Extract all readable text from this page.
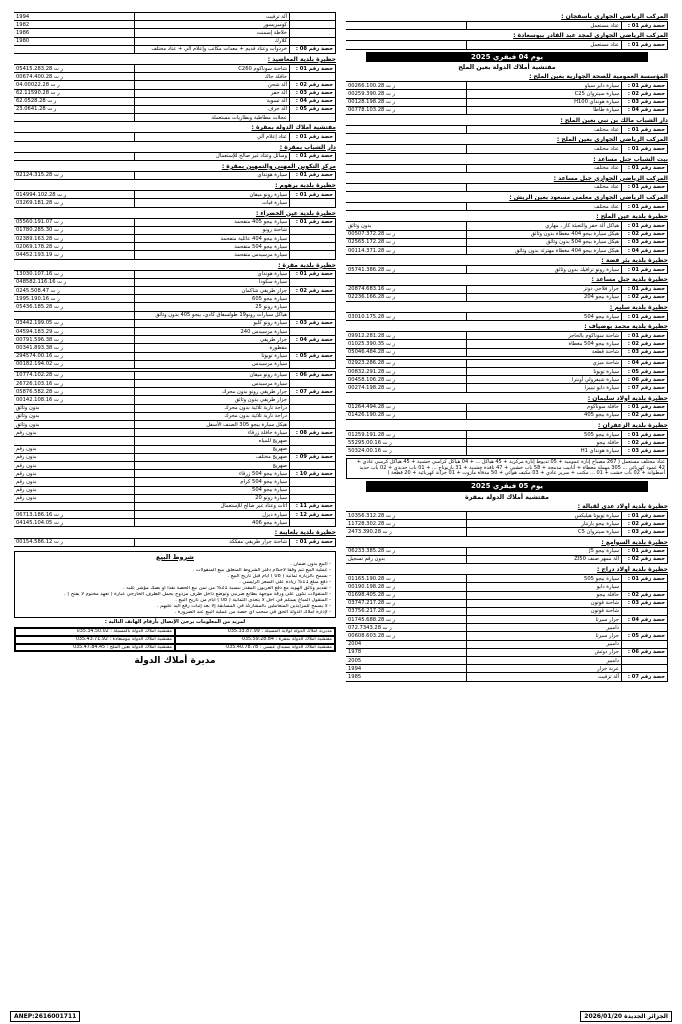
المركب الرياضي الجواري بأسفجان :
حصة رقم 01 :	عتاد مستعمل	
المركب الرياضي الجواري لمجد عبد القادر بيوسعادة :
حصة رقم 01 :	عتاد مستعمل	
يوم 04 فيفري 2025
مفتشية أملاك الدولة بعين الملح
المؤسسة العمومية للصحة الجوارية بعين الملح :
حصة رقم 01 :	سيارة داير سياو	ر ت 00266.100.28
حصة رقم 02 :	سيارة سيتروان C25	ر ت 00259.390.28
حصة رقم 03 :	سيارة هونداي H100	ر ت 00128.198.28
حصة رقم 04 :	سيارة طاطا	ر ت 00778.103.28
دار الشباب مالك بن نبي بعين الملح :
حصة رقم 01 :	عتاد مختلف	
المركب الرياضي الجواري بعين الملح :
حصة رقم 01 :	عتاد مختلف	
بيت الشباب جبل مساعد :
حصة رقم 01 :	عتاد مختلف	
المركب الرياضي الجواري جبل مساعد :
حصة رقم 01 :	عتاد مختلف	
المركب الرياضي الجواري معلمي مسعود بعين الريش :
حصة رقم 01 :	عتاد مختلف	
حظيرة بلدية عين الملح :
حصة رقم 01 :	هياكل آلة حفر والتعبئة كاز ، مهاري	بدون وثائق
حصة رقم 02 :	هيكل سيارة بيجو 404 مغطاة بدون وثائق	ر ت 00507.372.28
حصة رقم 03 :	هيكل سيارة بيجو 504 بدون وثائق	ر ت 02565.172.28
حصة رقم 04 :	هيكل سيارة بيجو 404 مغطاة مهترئة بدون وثائق	ر ت 00114.371.28
حظيرة بلدية بئر فضة :
حصة رقم 01 :	سيارة رونو ترافيك بدون وثائق	ر ت 05741.386.28
حظيرة بلدية جبل مساعد :
حصة رقم 01 :	جرار فلاحي دوتز	ر ت 20874.683.16
حصة رقم 02 :	سيارة بيجو 204	ر ت 02236.166.28
حظيرة بلدية سليم :
حصة رقم 01 :	سيارة بيجو 504	ر ت 03010.175.28
حظيرة بلدية محمد بوضياف :
حصة رقم 01 :	شاحنة سوناكوم بالحاجز	ر ت 09912.281.28
حصة رقم 02 :	سيارة بيجو 504 مغطاة	ر ت 01025.390.35
حصة رقم 03 :	شاحنة قطعة	ر ت 05046.484.28
حصة رقم 04 :	شاحنة ميزي	ر ت 02923.286.28
حصة رقم 05 :	سيارة تويوتا	ر ت 00832.291.28
حصة رقم 06 :	سيارة شيفرولي أوبترا	ر ت 00458.106.28
حصة رقم 07 :	سيارة دايو تيبيرا	ر ت 00274.198.28
حظيرة بلدية أولاد سليمان :
حصة رقم 01 :	حافلة سوناكوم	ر ت 01264.494.28
حصة رقم 02 :	سيارة بيجو 405	ر ت 01426.190.28
حظيرة بلدية الزعفران :
حصة رقم 01 :	سيارة بيجو 505	ر ت 01259.191.28
حصة رقم 02 :	حافلة بيجو	ر ت 55295.00.16
حصة رقم 03 :	سيارة هونداي H1	ر ت 50324.00.16
عتاد مختلف مستعمل ( 267 مصباح إنارة عمومية + 05 ثديوط إنارة مركزية + 45 هياكل ... + 04 هياكل كراسي خشبية + 45 هياكل كرسي عادي + 42 عمود كهربائي ... 305 مهملة مغطاة + أنابيب مدمجة + 58 باب خشبي + 47 نافذة خشبية + 31 باريوتاج ... + 01 باب حديدي + 02 باب حديد أسطوانة + 02 باب خشب + 01 ... مكتب + سرير عادي + 03 مكيف هوائي + 50 مدفأة مازوت + 01 خزانة كهربائية + 20 قطعة )
يوم 05 فيفري 2025
مفتشية أملاك الدولة بمقرة
حظيرة بلدية أولاد عدي لقبالة :
حصة رقم 01 :	سيارة تويوتا هيليكس	ر ت 10356.312.28
حصة رقم 02 :	سيارة بيجو بارتنار	ر ت 11728.302.28
حصة رقم 03 :	سيارة سيتروان C5	ر ت 2473.390.28
حظيرة بلدية السوامع :
حصة رقم 01 :	سيارة بيجو J5	ر ت 06233.385.28
حصة رقم 02 :	آلة ممهر صنف ZI50	بدون رقم تسجيل
حظيرة بلدية أولاد دراج :
حصة رقم 01 :	سيارة بيجو 505	ر ت 01165.190.28
	سيارة دايو	ر ت 00190.198.28
حصة رقم 02 :	حافلة بيجو	ر ت 01698.405.28
حصة رقم 03 :	شاحنة فوتون	ر ت 03747.217.28
	شاحنة فوتون	ر ت 03756.217.28
حصة رقم 04 :	جرار سيرتا	ر ت 01745.688.28
	دامبير	ر ت 072.7343.28
حصة رقم 05 :	جرار سيرتا	ر ت 00608.603.28
	دامبير	2004
حصة رقم 06 :	جرار دوتش	1978
	دامبير	2005
	عربة جرار	1994
حصة رقم 07 :	آلة تزفيت	1985
	آلة ترقيت	1994
	كومبريسور	1982
	خلاطة إسمنت	1986
	كلارك	1980
حصة رقم 08 :	خردوات وعتاد قديم + معدات مكاتب وإعلام آلي + عتاد مختلف	
حظيرة بلدية المعاضيد :
حصة رقم 01 :	شاحنة سوناكوم C260	ر ت 05415.283.28
	حافلة جاك	ر ت 00674.400.28
حصة رقم 02 :	آلة شحن	ر ت 04.00022.28
حصة رقم 03 :	آلة حفر	ر ت 62.11590.28
حصة رقم 04 :	آلة تسوية	ر ت 62.0528.28
حصة رقم 05 :	آلة جرف	ر ت 23.0641.28
	عجلات مطاطية وبطاريات مستعملة	
مفتشية أملاك الدولة بمقرة :
حصة رقم 01 :	عتاد إعلام آلي	
دار الشباب بمقرة :
حصة رقم 01 :	وسائل وعتاد غير صالح للإستعمال	
مركز التكوين المهني والتمهين بمقرة :
حصة رقم 01 :	سيارة هونداي	ر ت 02124.315.28
حظيرة بلدية برهوم :
حصة رقم 01 :	سيارة رونو ميقان	ر ت 014994.102.28
	سيارة فيات	ر ت 03269.181.28
حظيرة بلدية عين الخضراء :
حصة رقم 01 :	سيارة بيجو 405 متفحمة	ر ت 05560.191.07
	شاحنة رونو	ر ت 01780.285.30
	سيارة بيجو 404 عائلية متفحمة	ر ت 02389.163.28
	سيارة بيجو 504 متفحمة	ر ت 02069.178.28
	سيارة مرسيدس متفحمة	ر ت 04452.193.19
حظيرة بلدية مقرة :
حصة رقم 01 :	سيارة هونداي	ر ت 13030.107.16
	سيارة سكودا	ر ت 048582.116.16
حصة رقم 02 :	جرار طريقي شاكمان	ر ت 0245.508.47
	سيارة بيجو 605	ر ت 1995.190.16
	سيارة رونو 25	ر ت 05436.185.28
	هياكل سيارات رونو19 طولسفاق كادي، بيجو 405 بدون وثائق	
حصة رقم 03 :	سيارة رونو كليو	ر ت 03442.199.05
	سيارة مرسيدس 240	ر ت 04594.183.29
حصة رقم 04 :	جرار طريقي	ر ت 00791.596.38
	مقطورة	ر ت 00341.893.38
حصة رقم 05 :	سيارة تويوتا	ر ت 294574.00.16
	سيارة مرسيدس	ر ت 00182.194.02
حصة رقم 06 :	سيارة رونو ميقان	ر ت 10774.102.28
	سيارة مرسيدس	ر ت 26726.103.16
حصة رقم 07 :	جرار طريقي رونو بدون محرك	ر ت 05876.582.28
	جرار طريقي بدون وثائق	ر ت 00142.108.16
	دراجة نارية ثلاثية بدون محرك	بدون وثائق
	دراجة نارية ثلاثية بدون محرك	بدون وثائق
	هيكل سيارة بيجو 305 الصنف الأسفل	بدون وثائق
حصة رقم 08 :	سيارة حافلة زرقاء	بدون رقم
	صهريج للمياه	
	صهريج	بدون رقم
حصة رقم 09 :	صهريج مختلف	بدون رقم
	صهريج	بدون رقم
حصة رقم 10 :	سيارة بيجو 504 زرقاء	بدون رقم
	سيارة بيجو 504 كرام	بدون رقم
	سيارة بيجو 504	بدون رقم
	سيارة رونو 20	بدون رقم
حصة رقم 11 :	أثاث وعتاد غير صالح للإستعمال	
حصة رقم 12 :	سيارة ديزل	ر ت 06713.186.16
	سيارة بيجو 406	ر ت 04145.104.05
حظيرة بلدية بلعايبة :
حصة رقم 01 :	شاحنة جرار طريقي مفككة	ر ت 00154.586.12
شروط البيع
- البيع بدون ضمان .
- عملية البيع تتم وفقا لأحكام دفتر الشروط المتعلق ببيع المنقولات .
- يسمح بالزيارة ثمانية ( 08 ) أيام قبل تاريخ البيع .
- دفع مبلغ 11% زيادة على السعر الرئيسي .
- تقديم وثائق الهوية مع دفع العربون المقدر بنسبة 21% من ثمن بيع الحصة نقدا أو بصك مؤشر عليه .
- المنقولات تكون على ورقة موجهة بطابع ضريبي وتوضع داخل ظرف مزدوج يحمل الظرف الخارجي عبارة ( تعهد مختوم لا يفتح ) .
- المتقول المباع يستلم في أجل لا يتعدى الثمانية ( 08 ) أيام من تاريخ البيع .
- لا يسمح للمزايدين المتعاملين بالمشاركة في المسابقة إلا بعد إثبات رفع اليد عليهم .
- لإدارة أملاك الدولة الحق في سحب أي حصة من عملية البيع عند الضرورة .
لمزيد من المعلومات يرجى الإتصال بأرقام الهاتف التالية :
مديرية أملاك الدولة لولاية المسيلة : 035.33.87.99
مفتشية أملاك الدولة بالمسيلة : 035.34.50.02
مفتشية أملاك الدولة بمقرة : 035.59.28.84
مفتشية أملاك الدولة ببوسعادة : 035.43.71.92
مفتشية أملاك الدولة بسيدي عيسى : 035.40.78.78
مفتشية أملاك الدولة بعين الملح : 035.47.84.45
مديرة أملاك الدولة
ANEP:2616001711	الجزائر الجديدة 2026/01/20
